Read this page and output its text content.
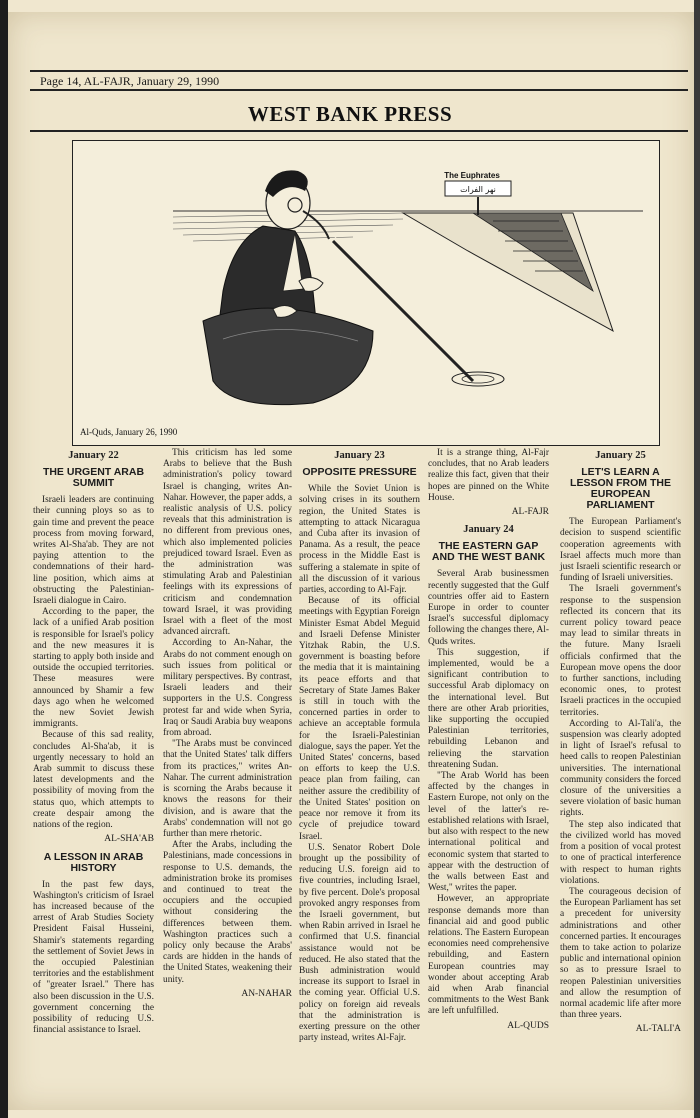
Page 14, AL-FAJR, January 29, 1990
WEST BANK PRESS
The Euphrates
نهر الفرات
Al-Quds, January 26, 1990
January 22
THE URGENT ARAB SUMMIT

Israeli leaders are continuing their cunning ploys so as to gain time and prevent the peace process from moving forward, writes Al-Sha'ab. They are not paying attention to the condemnations of their hard-line position, which aims at obstructing the Palestinian-Israeli dialogue in Cairo.

According to the paper, the lack of a unified Arab position is responsible for Israel's policy and the new measures it is starting to apply both inside and outside the occupied territories. These measures were announced by Shamir a few days ago when he welcomed the new Soviet Jewish immigrants.

Because of this sad reality, concludes Al-Sha'ab, it is urgently necessary to hold an Arab summit to discuss these latest developments and the possibility of moving from the status quo, which attempts to create despair among the nations of the region.

AL-SHA'AB
A LESSON IN ARAB HISTORY

In the past few days, Washington's criticism of Israel has increased because of the arrest of Arab Studies Society President Faisal Husseini, Shamir's statements regarding the settlement of Soviet Jews in the occupied Palestinian territories and the establishment of "greater Israel." There has also been discussion in the U.S. government concerning the possibility of reducing U.S. financial assistance to Israel.

This criticism has led some Arabs to believe that the Bush administration's policy toward Israel is changing, writes An-Nahar. However, the paper adds, a realistic analysis of U.S. policy reveals that this administration is no different from previous ones, which also implemented policies prejudiced toward Israel. Even as the administration was stimulating Arab and Palestinian feelings with its expressions of criticism and condemnation toward Israel, it was providing Israel with a fleet of the most advanced aircraft.

According to An-Nahar, the Arabs do not comment enough on such issues from political or military perspectives. By contrast, Israeli leaders and their supporters in the U.S. Congress protest far and wide when Syria, Iraq or Saudi Arabia buy weapons from abroad.

"The Arabs must be convinced that the United States' talk differs from its practices," writes An-Nahar. The current administration is scorning the Arabs because it knows the reasons for their division, and is aware that the Arabs' condemnation will not go further than mere rhetoric.

After the Arabs, including the Palestinians, made concessions in response to U.S. demands, the administration broke its promises and continued to treat the occupiers and the occupied without considering the differences between them. Washington practices such a policy only because the Arabs' cards are hidden in the hands of the United States, weakening their unity.

AN-NAHAR
January 23
OPPOSITE PRESSURE

While the Soviet Union is solving crises in its southern region, the United States is attempting to attack Nicaragua and Cuba after its invasion of Panama. As a result, the peace process in the Middle East is suffering a stalemate in spite of all the discussion of it various parties, according to Al-Fajr.

Because of its official meetings with Egyptian Foreign Minister Esmat Abdel Meguid and Israeli Defense Minister Yitzhak Rabin, the U.S. government is boasting before the media that it is maintaining its peace efforts and that Secretary of State James Baker is still in touch with the concerned parties in order to achieve an acceptable formula for the Israeli-Palestinian dialogue, says the paper. Yet the United States' concerns, based on efforts to keep the U.S. peace plan from failing, can neither assure the credibility of the United States' position on peace nor remove it from its cycle of prejudice toward Israel.

U.S. Senator Robert Dole brought up the possibility of reducing U.S. foreign aid to five countries, including Israel, by five percent. Dole's proposal provoked angry responses from the Israeli government, but when Rabin arrived in Israel he confirmed that U.S. financial assistance would not be reduced. He also stated that the Bush administration would increase its support to Israel in the coming year. Official U.S. policy on foreign aid reveals that the administration is exerting pressure on the other party instead, writes Al-Fajr.

It is a strange thing, Al-Fajr concludes, that no Arab leaders realize this fact, given that their hopes are pinned on the White House.

AL-FAJR
January 24
THE EASTERN GAP AND THE WEST BANK

Several Arab businessmen recently suggested that the Gulf countries offer aid to Eastern Europe in order to counter Israel's successful diplomacy following the changes there, Al-Quds writes.

This suggestion, if implemented, would be a significant contribution to successful Arab diplomacy on the international level. But there are other Arab priorities, like supporting the occupied Palestinian territories, rebuilding Lebanon and relieving the starvation threatening Sudan.

"The Arab World has been affected by the changes in Eastern Europe, not only on the level of the latter's re-established relations with Israel, but also with respect to the new international political and economic system that started to appear with the destruction of the walls between East and West," writes the paper.

However, an appropriate response demands more than financial aid and good public relations. The Eastern European economies need comprehensive rebuilding, and Eastern European countries may wonder about accepting Arab aid when Arab financial commitments to the West Bank are left unfulfilled.

AL-QUDS
January 25
LET'S LEARN A LESSON FROM THE EUROPEAN PARLIAMENT

The European Parliament's decision to suspend scientific cooperation agreements with Israel affects much more than just Israeli scientific research or funding of Israeli universities.

The Israeli government's response to the suspension reflected its concern that its current policy toward peace may lead to similar threats in the future. Many Israeli officials confirmed that the European move opens the door to further sanctions, including economic ones, to protest Israeli practices in the occupied territories.

According to Al-Tali'a, the suspension was clearly adopted in light of Israel's refusal to heed calls to reopen Palestinian universities. The international community considers the forced closure of the universities a severe violation of basic human rights.

The step also indicated that the civilized world has moved from a position of vocal protest to one of practical interference with respect to human rights violations.

The courageous decision of the European Parliament has set a precedent for university administrations and other concerned parties. It encourages them to take action to polarize public and international opinion so as to pressure Israel to reopen Palestinian universities and allow the resumption of normal academic life after more than three years.

AL-TALI'A
